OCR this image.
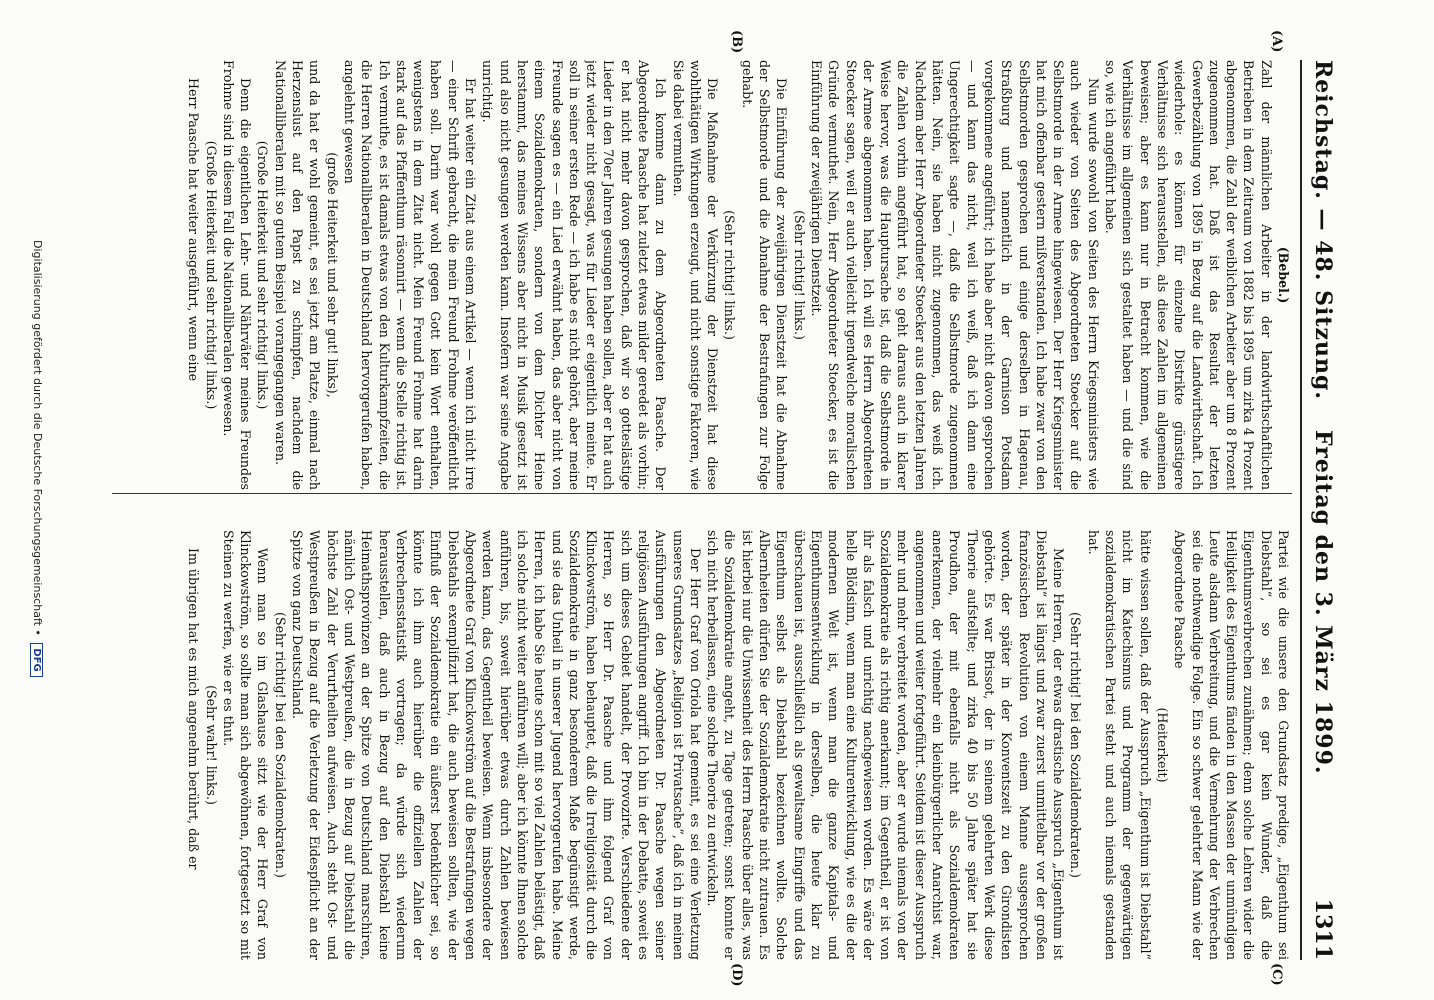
Reichstag. — 48. Sitzung.
Freitag den 3. März 1899.
1311
(A)
(B)
(C)
(D)

(Bebel.)

Zahl der männlichen Arbeiter in der landwirthschaftlichen Betrieben in dem Zeitraum von 1882 bis 1895 um zirka 4 Prozent abgenommen, die Zahl der weiblichen Arbeiter aber um 8 Prozent zugenommen hat. Daß ist das Resultat der letzten Gewerbezählung von 1895 in Bezug auf die Landwirthschaft. Ich wiederhole: es können für einzelne Distrikte günstigere Verhältnisse sich herausstellen, als diese Zahlen im allgemeinen beweisen; aber es kann nur in Betracht kommen, wie die Verhältnisse im allgemeinen sich gestaltet haben — und die sind so, wie ich angeführt habe.

Nun wurde sowohl von Seiten des Herrn Kriegsministers wie auch wieder von Seiten des Abgeordneten Stoecker auf die Selbstmorde in der Armee hingewiesen. Der Herr Kriegsminister hat mich offenbar gestern mißverstanden. Ich habe zwar von den Selbstmorden gesprochen und einige derselben in Hagenau, Straßburg und namentlich in der Garnison Potsdam vorgekommene angeführt; ich habe aber nicht davon gesprochen — und kann das nicht, weil ich weiß, daß ich dann eine Ungerechtigkeit sagte —, daß die Selbstmorde zugenommen hätten. Nein, sie haben nicht zugenommen, das weiß ich. Nachdem aber Herr Abgeordneter Stoecker aus den letzten Jahren die Zahlen vorhin angeführt hat, so geht daraus auch in klarer Weise hervor, was die Hauptursache ist, daß die Selbstmorde in der Armee abgenommen haben. Ich will es Herrn Abgeordneten Stoecker sagen, weil er auch vielleicht irgendwelche moralischen Gründe vermuthet. Nein, Herr Abgeordneter Stoecker, es ist die Einführung der zweijährigen Dienstzeit.

(Sehr richtig! links.)

Die Einführung der zweijährigen Dienstzeit hat die Abnahme der Selbstmorde und die Abnahme der Bestrafungen zur Folge gehabt.

(Sehr richtig! links.)

Die Maßnahme der Verkürzung der Dienstzeit hat diese wohlthätigen Wirkungen erzeugt, und nicht sonstige Faktoren, wie Sie dabei vermuthen.

Ich komme dann zu dem Abgeordneten Paasche. Der Abgeordnete Paasche hat zuletzt etwas milder geredet als vorhin; er hat nicht mehr davon gesprochen, daß wir so gotteslästige Lieder in den 70er Jahren gesungen haben sollen, aber er hat auch jetzt wieder nicht gesagt, was für Lieder er eigentlich meinte. Er soll in seiner ersten Rede — ich habe es nicht gehört, aber meine Freunde sagen es — ein Lied erwähnt haben, das aber nicht von einem Sozialdemokraten, sondern von dem Dichter Heine herstammt, das meines Wissens aber nicht in Musik gesetzt ist und also nicht gesungen werden kann. Insofern war seine Angabe unrichtig.

Er hat weiter ein Zitat aus einem Artikel — wenn ich nicht irre — einer Schrift gebracht, die mein Freund Frohme veröffentlicht haben soll. Darin war wohl gegen Gott kein Wort enthalten, wenigstens in dem Zitat nicht. Mein Freund Frohme hat darin stark auf das Pfaffenthum räsonnirt — wenn die Stelle richtig ist. Ich vermuthe, es ist damals etwas von den Kulturkampfzeiten, die die Herren Nationalliberalen in Deutschland hervorgerufen haben, angelehnt gewesen

(große Heiterkeit und sehr gut! links),

und da hat er wohl gemeint, es sei jetzt am Platze, einmal nach Herzenslust auf den Papst zu schimpfen, nachdem die Nationalliberalen mit so gutem Beispiel vorangegangen waren.

(Große Heiterkeit und sehr richtig! links.)

Denn die eigentlichen Lehr- und Nährväter meines Freundes Frohme sind in diesem Fall die Nationalliberalen gewesen.

(Große Heiterkeit und sehr richtig! links.)

Herr Paasche hat weiter ausgeführt, wenn eine

Partei wie die unsere den Grundsatz predige, „Eigenthum sei Diebstahl“, so sei es gar kein Wunder, daß die Eigenthumsverbrechen zunähmen; denn solche Lehren wider die Heiligkeit des Eigenthums fänden in den Massen der unmündigen Leute alsdann Verbreitung, und die Vermehrung der Verbrechen sei die nothwendige Folge. Ein so schwer gelehrter Mann wie der Abgeordnete Paasche

(Heiterkeit)

hätte wissen sollen, daß der Ausspruch „Eigenthum ist Diebstahl“ nicht im Katechismus und Programm der gegenwärtigen sozialdemokratischen Partei steht und auch niemals gestanden hat.

(Sehr richtig! bei den Sozialdemokraten.)

Meine Herren, der etwas drastische Ausspruch „Eigenthum ist Diebstahl“ ist längst und zwar zuerst unmittelbar vor der großen französischen Revolution von einem Manne ausgesprochen worden, der später in der Konventszeit zu den Girondisten gehörte. Es war Brissot, der in seinem gelehrten Werk diese Theorie aufstellte; und zirka 40 bis 50 Jahre später hat sie Proudhon, der mit ebenfalls nicht als Sozialdemokraten anerkennen, der vielmehr ein kleinbürgerlicher Anarchist war, angenommen und weiter fortgeführt. Seitdem ist dieser Ausspruch mehr und mehr verbreitet worden, aber er wurde niemals von der Sozialdemokratie als richtig anerkannt; im Gegentheil, er ist von ihr als falsch und unrichtig nachgewiesen worden. Es wäre der helle Blödsinn, wenn man eine Kulturentwicklung, wie es die der modernen Welt ist, wenn man die ganze Kapitals- und Eigenthumsentwicklung in derselben, die heute klar zu überschauen ist, ausschließlich als gewaltsame Eingriffe und das Eigenthum selbst als Diebstahl bezeichnen wollte. Solche Albernheiten dürfen Sie der Sozialdemokratie nicht zutrauen. Es ist hierbei nur die Unwissenheit des Herrn Paasche über alles, was die Sozialdemokratie angeht, zu Tage getreten; sonst konnte er sich nicht herbeilassen, eine solche Theorie zu entwickeln.

Der Herr Graf von Oriola hat gemeint, es sei eine Verletzung unseres Grundsatzes „Religion ist Privatsache“, daß ich in meinen Ausführungen den Abgeordneten Dr. Paasche wegen seiner religiösen Ausführungen angriff. Ich bin in der Debatte, soweit es sich um dieses Gebiet handelt, der Provozirte. Verschiedene der Herren, so Herr Dr. Paasche und ihm folgend Graf von Klinckowström, haben behauptet, daß die Irreligiosität durch die Sozialdemokratie in ganz besonderem Maße begünstigt werde, und sie das Unheil in unserer Jugend hervorgerufen habe. Meine Herren, ich habe Sie heute schon mit so viel Zahlen belästigt, daß ich solche nicht weiter anführen will; aber ich könnte Ihnen solche anführen, bis, soweit hierüber etwas durch Zahlen bewiesen werden kann, das Gegentheil beweisen. Wenn insbesondere der Abgeordnete Graf von Klinckowström auf die Bestrafungen wegen Diebstahls exemplifizirt hat, die auch beweisen sollten, wie der Einfluß der Sozialdemokratie ein äußerst bedenklicher sei, so könnte ich ihm auch hierüber die offiziellen Zahlen der Verbrechensstatistik vortragen; da würde sich wiederum herausstellen, daß auch in Bezug auf den Diebstahl keine Heimathsprovinzen an der Spitze von Deutschland marschiren, nämlich Ost- und Westpreußen, die in Bezug auf Diebstahl die höchste Zahl der Verurtheilten aufweisen. Auch steht Ost- und Westpreußen in Bezug auf die Verletzung der Eidespflicht an der Spitze von ganz Deutschland.

(Sehr richtig! bei den Sozialdemokraten.)

Wenn man so im Glashause sitzt wie der Herr Graf von Klinckowström, so sollte man sich abgewöhnen, fortgesetzt so mit Steinen zu werfen, wie er es thut.

(Sehr wahr! links.)

Im übrigen hat es mich angenehm berührt, daß er

Digitalisierung gefördert durch die Deutsche Forschungsgemeinschaft • DFG
